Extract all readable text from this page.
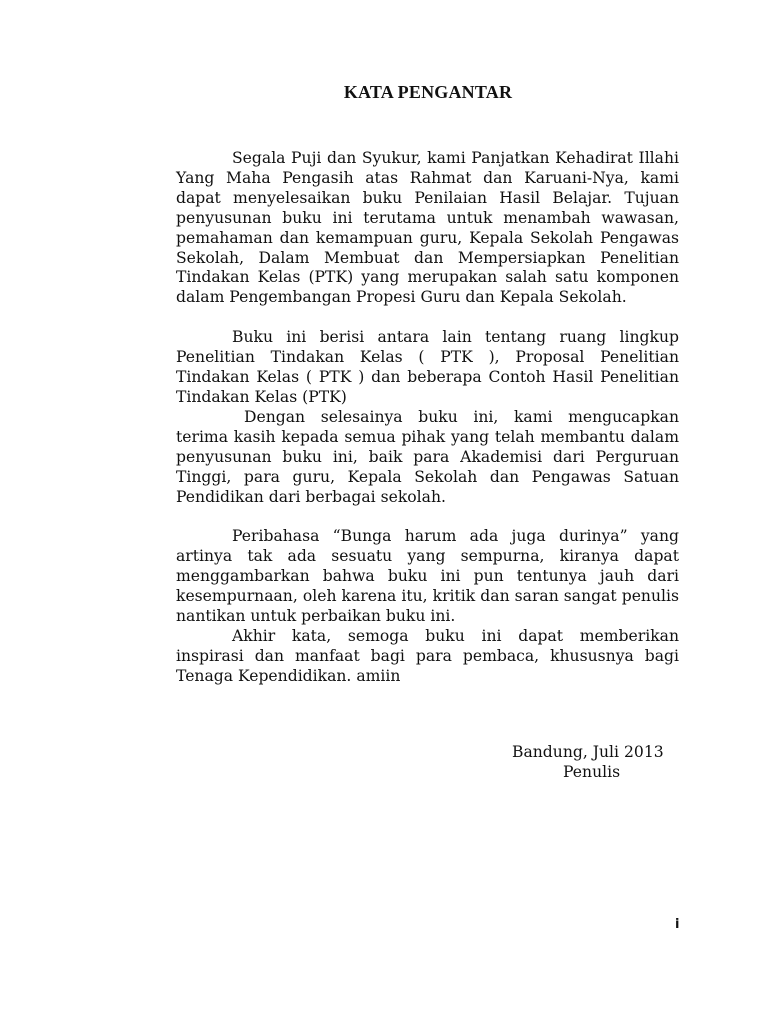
KATA PENGANTAR

Segala Puji dan Syukur, kami Panjatkan Kehadirat Illahi Yang Maha Pengasih atas Rahmat dan Karuani-Nya, kami dapat menyelesaikan buku Penilaian Hasil Belajar. Tujuan penyusunan buku ini terutama untuk menambah wawasan, pemahaman dan kemampuan guru, Kepala Sekolah Pengawas Sekolah, Dalam Membuat dan Mempersiapkan Penelitian Tindakan Kelas (PTK) yang merupakan salah satu komponen dalam Pengembangan Propesi Guru dan Kepala Sekolah.

Buku ini berisi antara lain tentang ruang lingkup Penelitian Tindakan Kelas ( PTK ), Proposal Penelitian Tindakan Kelas ( PTK ) dan beberapa Contoh Hasil Penelitian Tindakan Kelas (PTK)

Dengan selesainya buku ini, kami mengucapkan terima kasih kepada semua pihak yang telah membantu dalam penyusunan buku ini, baik para Akademisi dari Perguruan Tinggi, para guru, Kepala Sekolah dan Pengawas Satuan Pendidikan dari berbagai sekolah.

Peribahasa “Bunga harum ada juga durinya” yang artinya tak ada sesuatu yang sempurna, kiranya dapat menggambarkan bahwa buku ini pun tentunya jauh dari kesempurnaan, oleh karena itu, kritik dan saran sangat penulis nantikan untuk perbaikan buku ini.

Akhir kata, semoga buku ini dapat memberikan inspirasi dan manfaat bagi para pembaca, khususnya bagi Tenaga Kependidikan. amiin

Bandung, Juli 2013
Penulis
i
